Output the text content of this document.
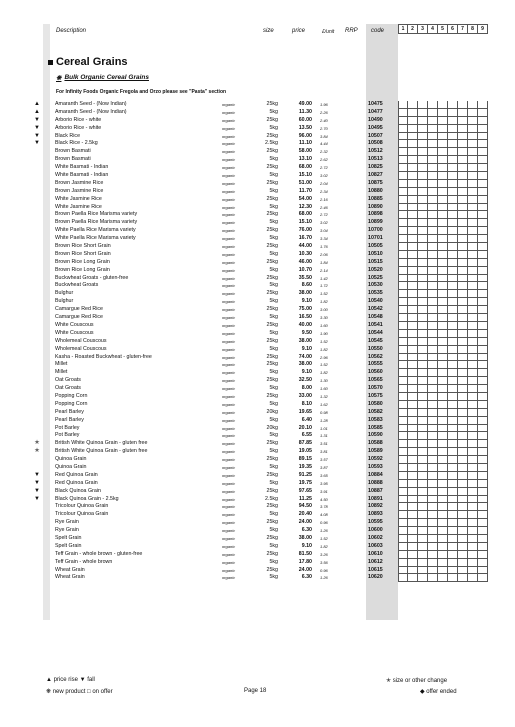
Description	size	price	£/unit RRP code	1	2	3	4	5	6	7	8	9
Cereal Grains
❋ Bulk Organic Cereal Grains
For Infinity Foods Organic Fregola and Orzo please see "Pasta" section
▲	Amaranth Seed - (Now Indian)	organic	25kg	49.00 1.96	10475
▲	Amaranth Seed - (Now Indian)	organic	5kg	11.30 2.26	10477
▼	Arborio Rice - white	organic	25kg	60.00 2.40	10490
▼	Arborio Rice - white	organic	5kg	13.50 2.70	10495
▼	Black Rice	organic	25kg	96.00 3.84	10507
▼	Black Rice - 2.5kg	organic	2.5kg	11.10 4.44	10508
Brown Basmati	organic	25kg	58.00 2.32	10512
Brown Basmati	organic	5kg	13.10 2.62	10513
White Basmati - Indian	organic	25kg	68.00 2.72	10825
White Basmati - Indian	organic	5kg	15.10 3.02	10827
Brown Jasmine Rice	organic	25kg	51.00 2.04	10875
Brown Jasmine Rice	organic	5kg	11.70 2.34	10880
White Jasmine Rice	organic	25kg	54.00 2.16	10885
White Jasmine Rice	organic	5kg	12.30 2.46	10890
Brown Paella Rice Marisma variety	organic	25kg	68.00 2.72	10898
Brown Paella Rice Marisma variety	organic	5kg	15.10 3.02	10899
White Paella Rice Marisma variety	organic	25kg	76.00 3.04	10700
White Paella Rice Marisma variety	organic	5kg	16.70 3.34	10701
Brown Rice Short Grain	organic	25kg	44.00 1.76	10505
Brown Rice Short Grain	organic	5kg	10.30 2.06	10510
Brown Rice Long Grain	organic	25kg	46.00 1.84	10515
Brown Rice Long Grain	organic	5kg	10.70 2.14	10520
Buckwheat Groats - gluten-free	organic	25kg	35.50 1.42	10525
Buckwheat Groats	organic	5kg	8.60 1.72	10530
Bulghur	organic	25kg	38.00 1.52	10535
Bulghur	organic	5kg	9.10 1.82	10540
Camargue Red Rice	organic	25kg	75.00 3.00	10542
Camargue Red Rice	organic	5kg	16.50 3.30	10548
White Couscous	organic	25kg	40.00 1.60	10541
White Couscous	organic	5kg	9.50 1.90	10544
Wholemeal Couscous	organic	25kg	38.00 1.52	10545
Wholemeal Couscous	organic	5kg	9.10 1.82	10550
Kasha - Roasted Buckwheat - gluten-free	organic	25kg	74.00 2.96	10562
Millet	organic	25kg	38.00 1.52	10555
Millet	organic	5kg	9.10 1.82	10560
Oat Groats	organic	25kg	32.50 1.30	10565
Oat Groats	organic	5kg	8.00 1.60	10570
Popping Corn	organic	25kg	33.00 1.32	10575
Popping Corn	organic	5kg	8.10 1.62	10580
Pearl Barley	organic	20kg	19.65 0.98	10582
Pearl Barley	organic	5kg	6.40 1.28	10583
Pot Barley	organic	20kg	20.10 1.01	10585
Pot Barley	organic	5kg	6.55 1.31	10590
✭	British White Quinoa Grain - gluten free	organic	25kg	87.85 3.51	10588
✭	British White Quinoa Grain - gluten free	organic	5kg	19.05 3.81	10589
Quinoa Grain	organic	25kg	89.15 3.57	10592
Quinoa Grain	organic	5kg	19.35 3.87	10593
▼	Red Quinoa Grain	organic	25kg	91.25 3.65	10884
▼	Red Quinoa Grain	organic	5kg	19.75 3.95	10888
▼	Black Quinoa Grain	organic	25kg	97.65 3.91	10887
▼	Black Quinoa Grain - 2.5kg	organic	2.5kg	11.25 4.50	10891
Tricolour Quinoa Grain	organic	25kg	94.50 3.78	10892
Tricolour Quinoa Grain	organic	5kg	20.40 4.08	10893
Rye Grain	organic	25kg	24.00 0.96	10595
Rye Grain	organic	5kg	6.30 1.26	10600
Spelt Grain	organic	25kg	38.00 1.52	10602
Spelt Grain	organic	5kg	9.10 1.82	10603
Teff Grain - whole brown - gluten-free	organic	25kg	81.50 3.26	10610
Teff Grain - whole brown	organic	5kg	17.80 3.56	10612
Wheat Grain	organic	25kg	24.00 0.96	10615
Wheat Grain	organic	5kg	6.30 1.26	10620
▲ price rise ▼ fall
❋ new product □ on offer	Page 18
✭ size or other change
◆ offer ended
